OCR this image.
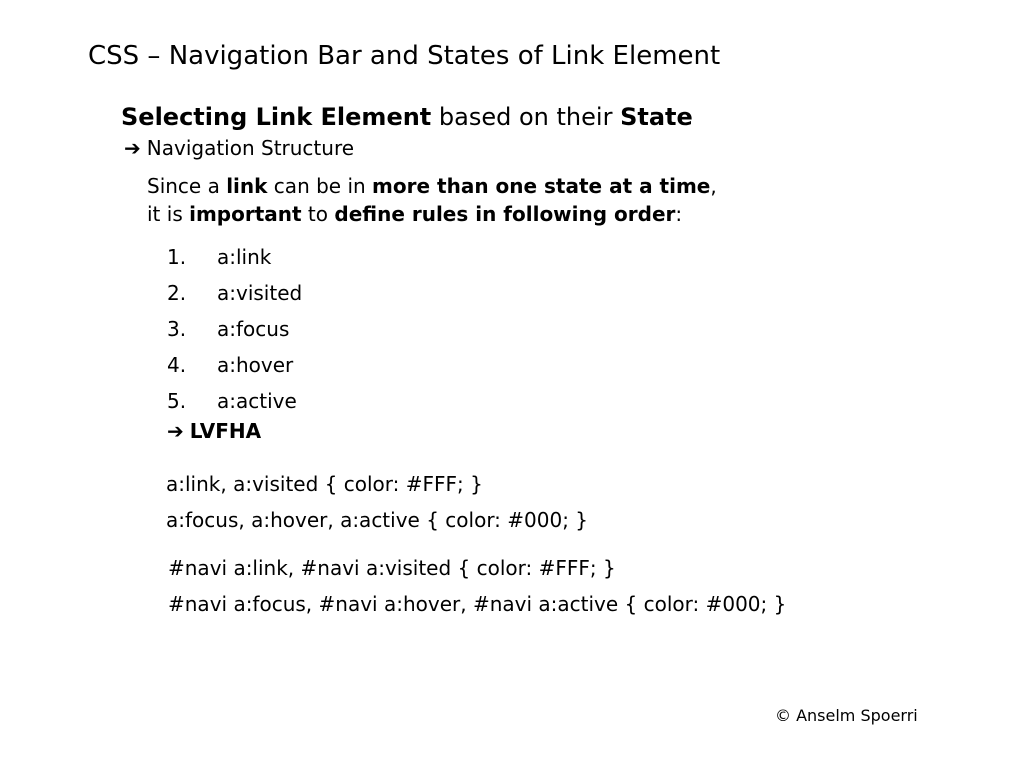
CSS – Navigation Bar and States of Link Element
Selecting Link Element based on their State
➔ Navigation Structure
Since a link can be in more than one state at a time,
it is important to define rules in following order:
1.	a:link
2.	a:visited
3.	a:focus
4.	a:hover
5.	a:active
➔ LVFHA
a:link, a:visited { color: #FFF; }
a:focus, a:hover, a:active { color: #000; }
#navi a:link, #navi a:visited { color: #FFF; }
#navi a:focus, #navi a:hover, #navi a:active { color: #000; }
© Anselm Spoerri
